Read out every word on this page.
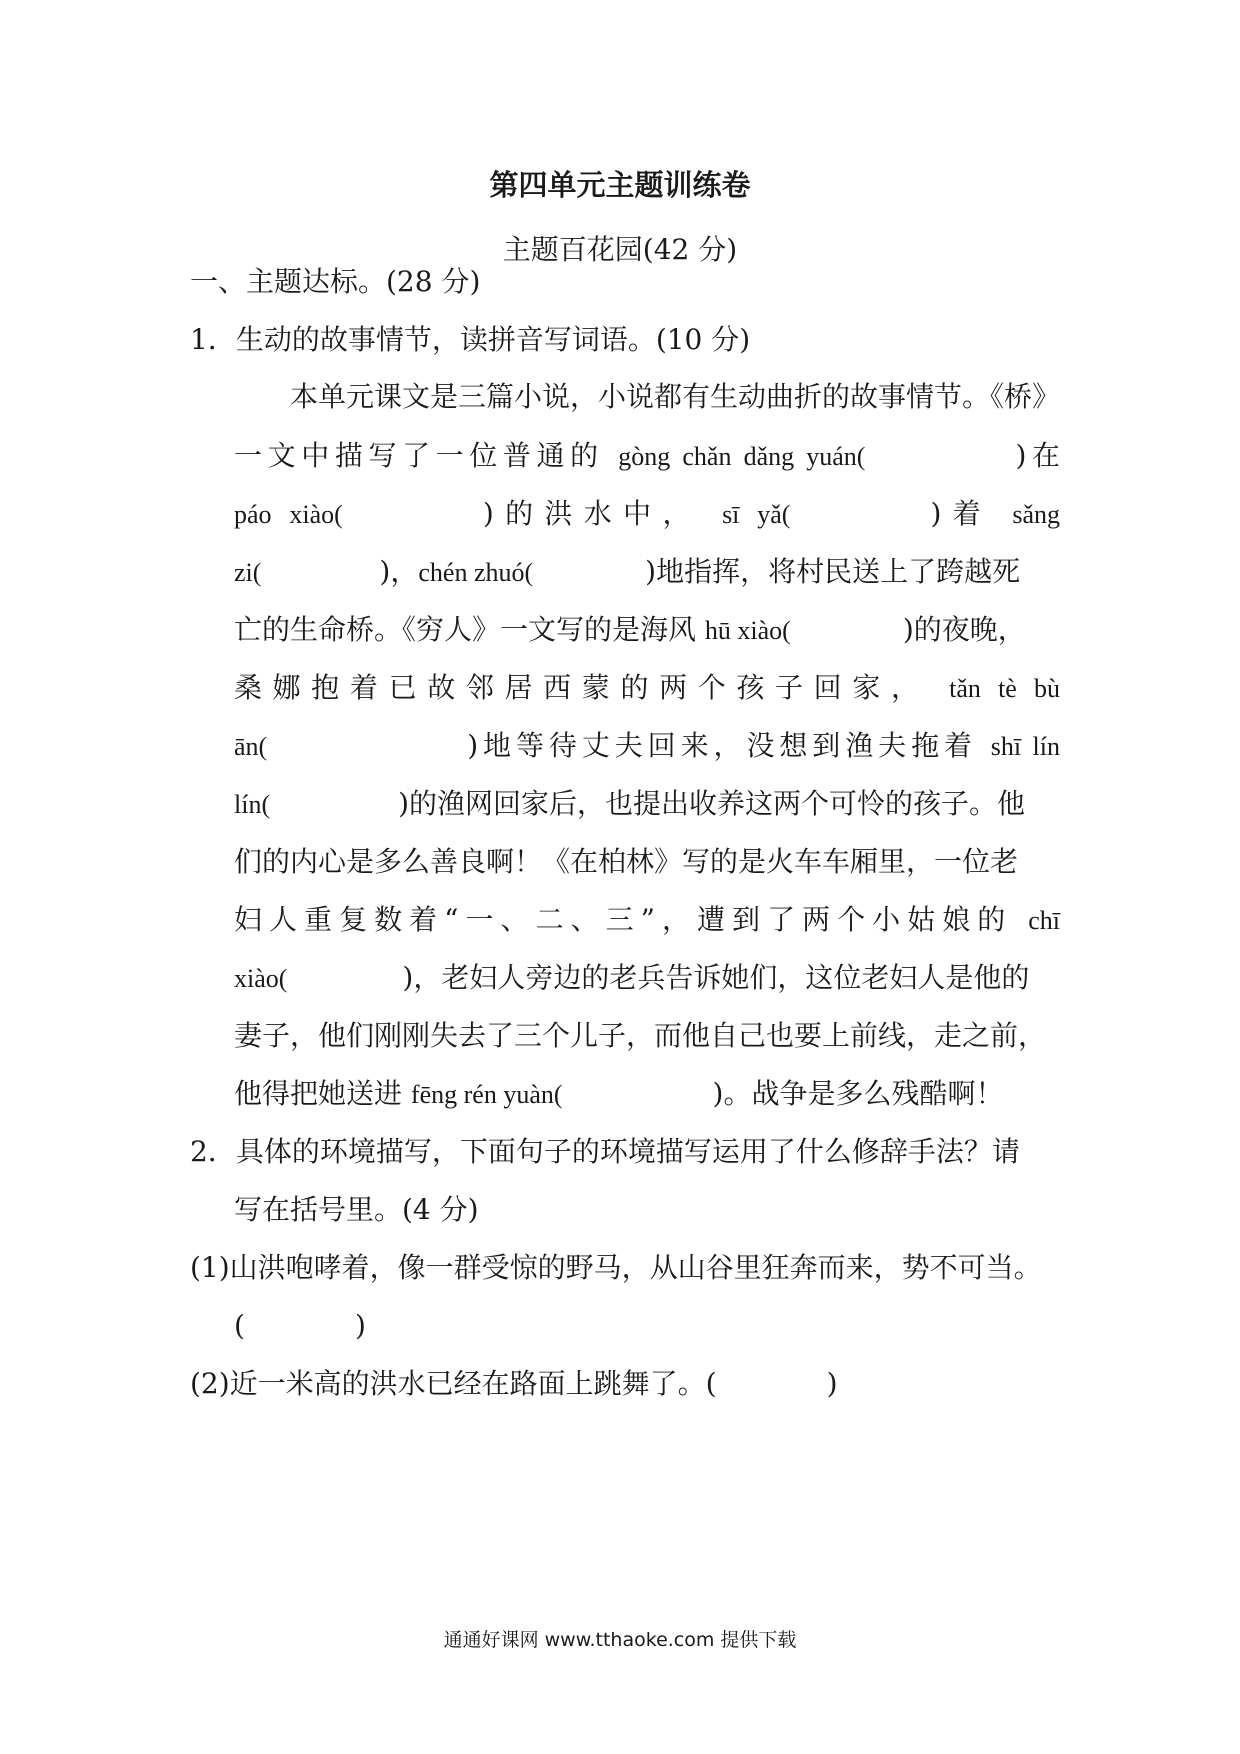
第四单元主题训练卷
主题百花园(42 分)
一、主题达标。(28 分)
1．生动的故事情节，读拼音写词语。(10 分)
本单元课文是三篇小说，小说都有生动曲折的故事情节。《桥》
一文中描写了一位普通的 gòng chǎn dǎng yuán(	)在
páo xiào(	)的洪水中， sī yǎ(	)着 sǎng
zi(	)，chén zhuó(	)地指挥，将村民送上了跨越死
亡的生命桥。《穷人》一文写的是海风 hū xiào(	)的夜晚，
桑娜抱着已故邻居西蒙的两个孩子回家， tǎn tè bù
ān(	)地等待丈夫回来，没想到渔夫拖着 shī lín
lín(	)的渔网回家后，也提出收养这两个可怜的孩子。他
们的内心是多么善良啊！《在柏林》写的是火车车厢里，一位老
妇人重复数着“一、二、三”，遭到了两个小姑娘的 chī
xiào(	)，老妇人旁边的老兵告诉她们，这位老妇人是他的
妻子，他们刚刚失去了三个儿子，而他自己也要上前线，走之前，
他得把她送进 fēng rén yuàn(	)。战争是多么残酷啊！
2．具体的环境描写，下面句子的环境描写运用了什么修辞手法？请
写在括号里。(4 分)
(1)山洪咆哮着，像一群受惊的野马，从山谷里狂奔而来，势不可当。
(	)
(2)近一米高的洪水已经在路面上跳舞了。(	)
通通好课网 www.tthaoke.com 提供下载
